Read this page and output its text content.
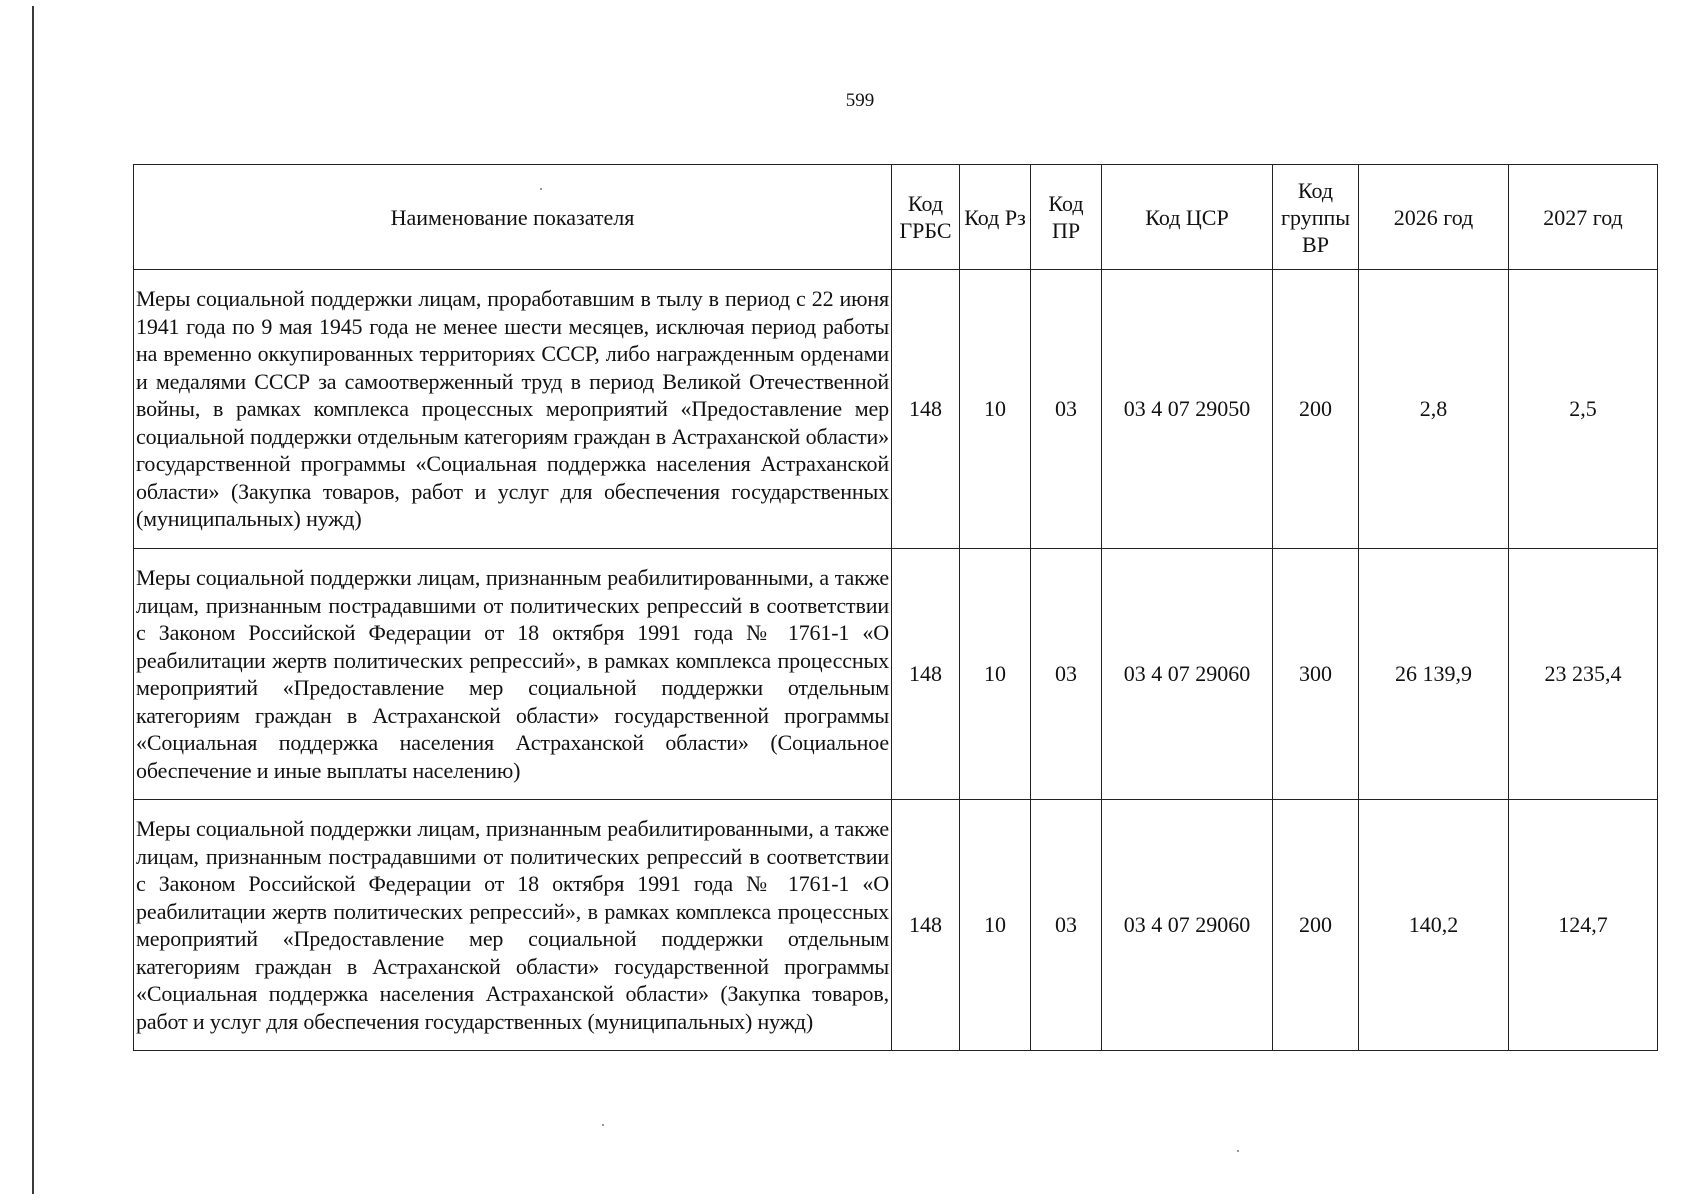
599
Наименование показателя	Код ГРБС	Код Рз	Код ПР	Код ЦСР	Код группы ВР	2026 год	2027 год
Меры социальной поддержки лицам, проработавшим в тылу в период с 22 июня 1941 года по 9 мая 1945 года не менее шести месяцев, исключая период работы на временно оккупированных территориях СССР, либо награжденным орденами и медалями СССР за самоотверженный труд в период Великой Отечественной войны, в рамках комплекса процессных мероприятий «Предоставление мер социальной поддержки отдельным категориям граждан в Астраханской области» государственной программы «Социальная поддержка населения Астраханской области» (Закупка товаров, работ и услуг для обеспечения государственных (муниципальных) нужд)	148	10	03	03 4 07 29050	200	2,8	2,5
Меры социальной поддержки лицам, признанным реабилитированными, а также лицам, признанным пострадавшими от политических репрессий в соответствии с Законом Российской Федерации от 18 октября 1991 года № 1761-1 «О реабилитации жертв политических репрессий», в рамках комплекса процессных мероприятий «Предоставление мер социальной поддержки отдельным категориям граждан в Астраханской области» государственной программы «Социальная поддержка населения Астраханской области» (Социальное обеспечение и иные выплаты населению)	148	10	03	03 4 07 29060	300	26 139,9	23 235,4
Меры социальной поддержки лицам, признанным реабилитированными, а также лицам, признанным пострадавшими от политических репрессий в соответствии с Законом Российской Федерации от 18 октября 1991 года № 1761-1 «О реабилитации жертв политических репрессий», в рамках комплекса процессных мероприятий «Предоставление мер социальной поддержки отдельным категориям граждан в Астраханской области» государственной программы «Социальная поддержка населения Астраханской области» (Закупка товаров, работ и услуг для обеспечения государственных (муниципальных) нужд)	148	10	03	03 4 07 29060	200	140,2	124,7
